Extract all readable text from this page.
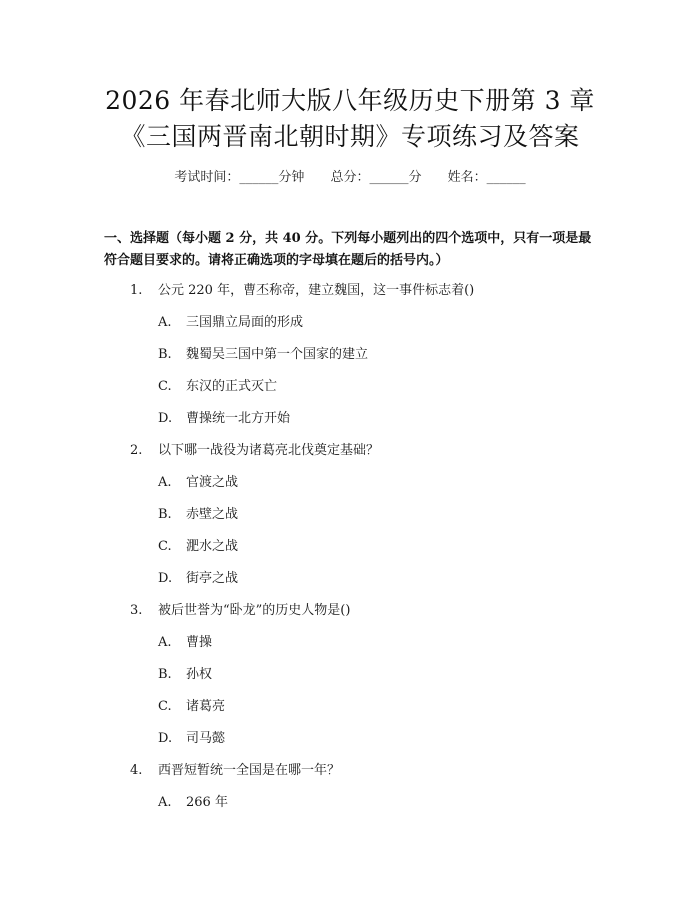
2026 年春北师大版八年级历史下册第 3 章
《三国两晋南北朝时期》专项练习及答案
考试时间：______分钟 总分：______分 姓名：______
一、选择题（每小题 2 分，共 40 分。下列每小题列出的四个选项中，只有一项是最符合题目要求的。请将正确选项的字母填在题后的括号内。）
1. 公元 220 年，曹丕称帝，建立魏国，这一事件标志着()
A. 三国鼎立局面的形成
B. 魏蜀吴三国中第一个国家的建立
C. 东汉的正式灭亡
D. 曹操统一北方开始
2. 以下哪一战役为诸葛亮北伐奠定基础？
A. 官渡之战
B. 赤壁之战
C. 淝水之战
D. 街亭之战
3. 被后世誉为“卧龙”的历史人物是()
A. 曹操
B. 孙权
C. 诸葛亮
D. 司马懿
4. 西晋短暂统一全国是在哪一年？
A. 266 年
